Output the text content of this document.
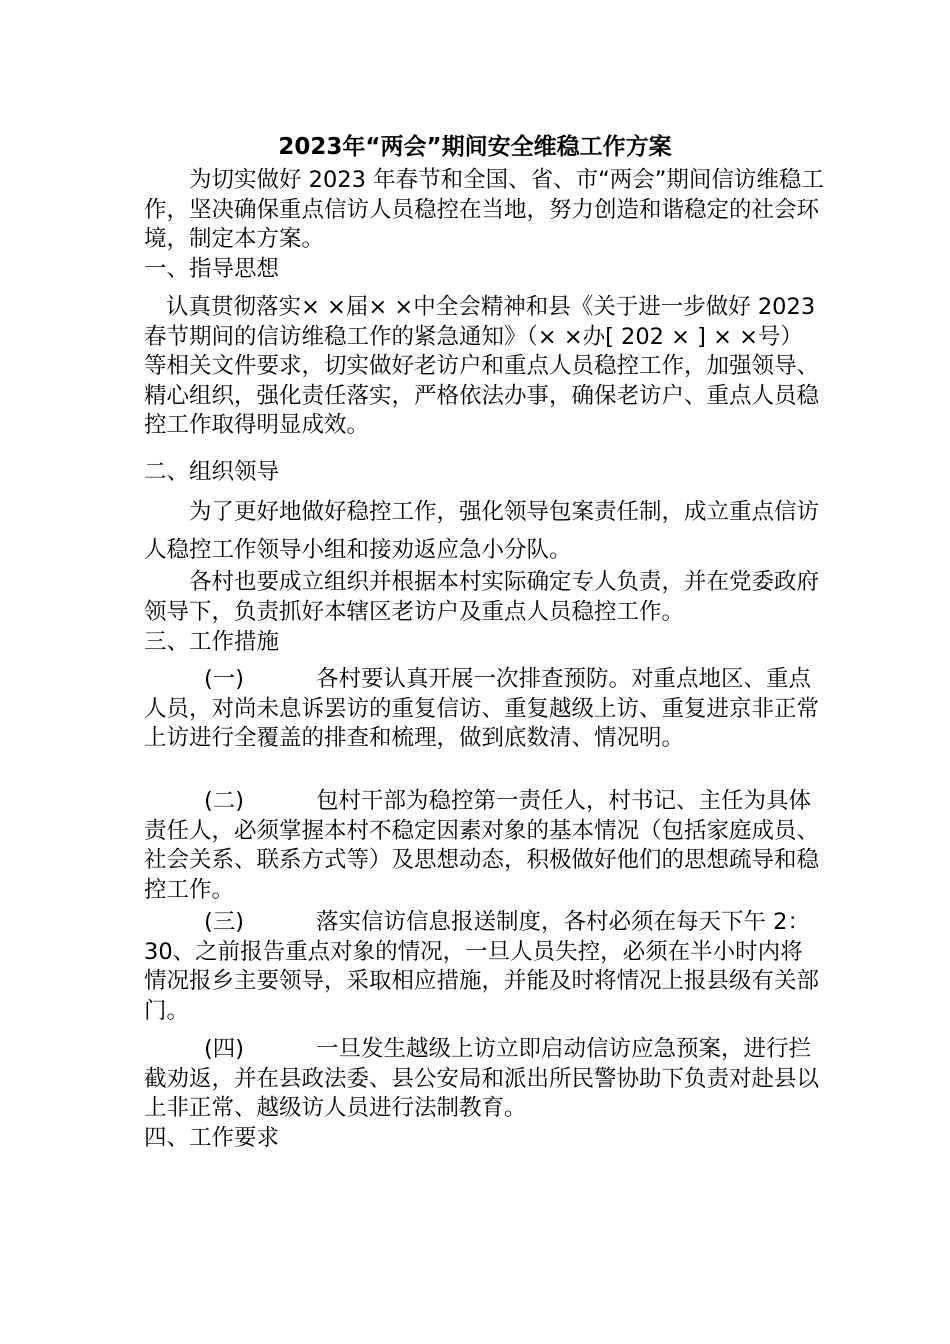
2023年“两会”期间安全维稳工作方案

为切实做好 2023 年春节和全国、省、市“两会”期间信访维稳工作，坚决确保重点信访人员稳控在当地，努力创造和谐稳定的社会环境，制定本方案。

一、指导思想

认真贯彻落实× ×届× ×中全会精神和县《关于进一步做好 2023 春节期间的信访维稳工作的紧急通知》（× ×办[ 202 × ] × ×号）等相关文件要求，切实做好老访户和重点人员稳控工作，加强领导、精心组织，强化责任落实，严格依法办事，确保老访户、重点人员稳控工作取得明显成效。

二、组织领导

为了更好地做好稳控工作，强化领导包案责任制，成立重点信访人稳控工作领导小组和接劝返应急小分队。

各村也要成立组织并根据本村实际确定专人负责，并在党委政府领导下，负责抓好本辖区老访户及重点人员稳控工作。

三、工作措施

(一)	各村要认真开展一次排查预防。对重点地区、重点人员，对尚未息诉罢访的重复信访、重复越级上访、重复进京非正常上访进行全覆盖的排查和梳理，做到底数清、情况明。

(二)	包村干部为稳控第一责任人，村书记、主任为具体责任人，必须掌握本村不稳定因素对象的基本情况（包括家庭成员、社会关系、联系方式等）及思想动态，积极做好他们的思想疏导和稳控工作。

(三)	落实信访信息报送制度，各村必须在每天下午 2：30、之前报告重点对象的情况，一旦人员失控，必须在半小时内将情况报乡主要领导，采取相应措施，并能及时将情况上报县级有关部门。

(四)	一旦发生越级上访立即启动信访应急预案，进行拦截劝返，并在县政法委、县公安局和派出所民警协助下负责对赴县以上非正常、越级访人员进行法制教育。

四、工作要求
